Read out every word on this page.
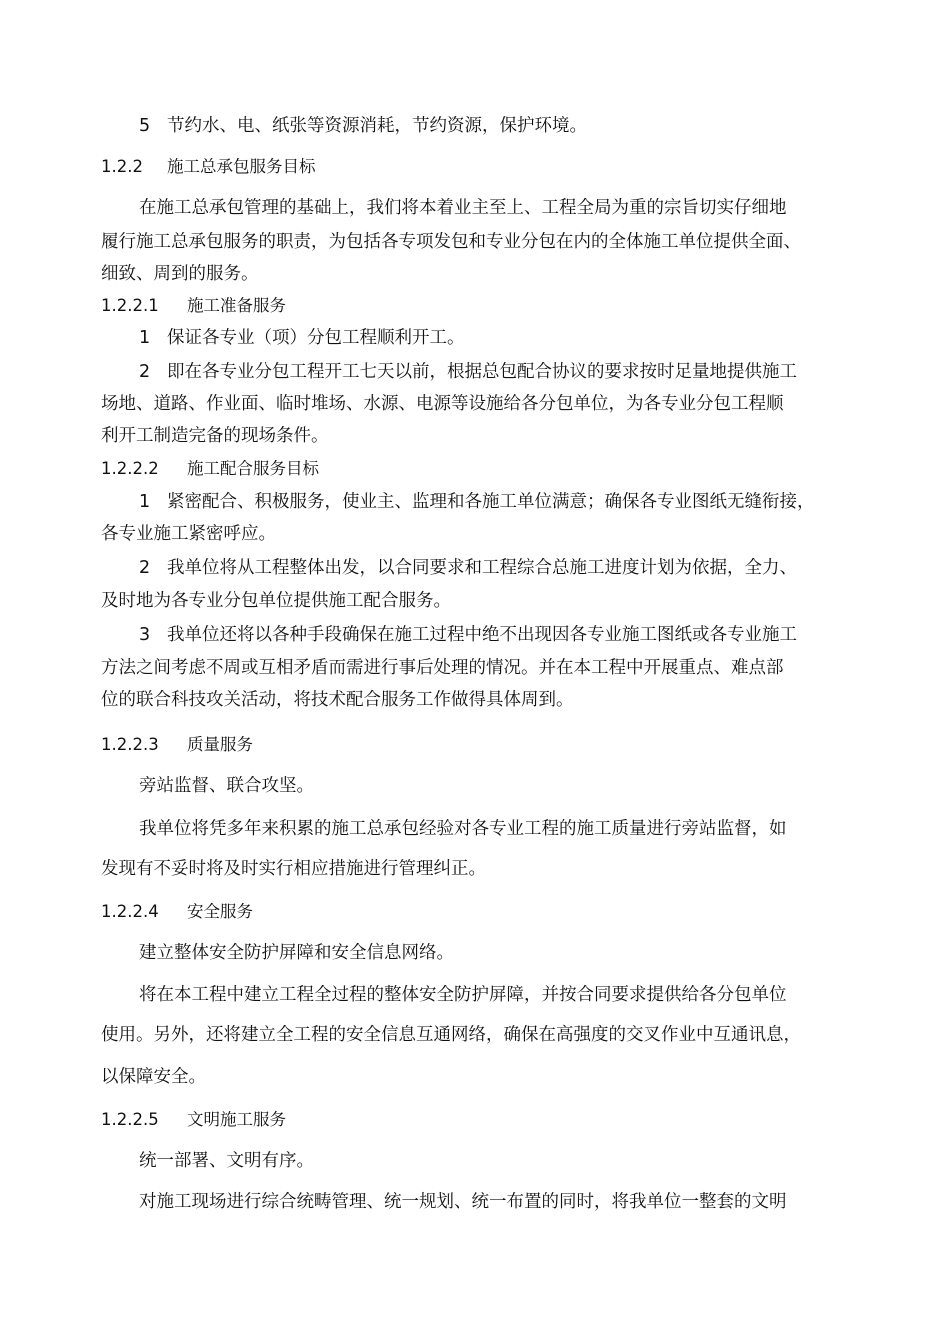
5 节约水、电、纸张等资源消耗，节约资源，保护环境。
1.2.2 施工总承包服务目标
在施工总承包管理的基础上，我们将本着业主至上、工程全局为重的宗旨切实仔细地
履行施工总承包服务的职责，为包括各专项发包和专业分包在内的全体施工单位提供全面、
细致、周到的服务。
1.2.2.1 施工准备服务
1 保证各专业（项）分包工程顺利开工。
2 即在各专业分包工程开工七天以前，根据总包配合协议的要求按时足量地提供施工
场地、道路、作业面、临时堆场、水源、电源等设施给各分包单位，为各专业分包工程顺
利开工制造完备的现场条件。
1.2.2.2 施工配合服务目标
1 紧密配合、积极服务，使业主、监理和各施工单位满意；确保各专业图纸无缝衔接，
各专业施工紧密呼应。
2 我单位将从工程整体出发，以合同要求和工程综合总施工进度计划为依据，全力、
及时地为各专业分包单位提供施工配合服务。
3 我单位还将以各种手段确保在施工过程中绝不出现因各专业施工图纸或各专业施工
方法之间考虑不周或互相矛盾而需进行事后处理的情况。并在本工程中开展重点、难点部
位的联合科技攻关活动，将技术配合服务工作做得具体周到。
1.2.2.3 质量服务
旁站监督、联合攻坚。
我单位将凭多年来积累的施工总承包经验对各专业工程的施工质量进行旁站监督，如
发现有不妥时将及时实行相应措施进行管理纠正。
1.2.2.4 安全服务
建立整体安全防护屏障和安全信息网络。
将在本工程中建立工程全过程的整体安全防护屏障，并按合同要求提供给各分包单位
使用。另外，还将建立全工程的安全信息互通网络，确保在高强度的交叉作业中互通讯息，
以保障安全。
1.2.2.5 文明施工服务
统一部署、文明有序。
对施工现场进行综合统畴管理、统一规划、统一布置的同时，将我单位一整套的文明
